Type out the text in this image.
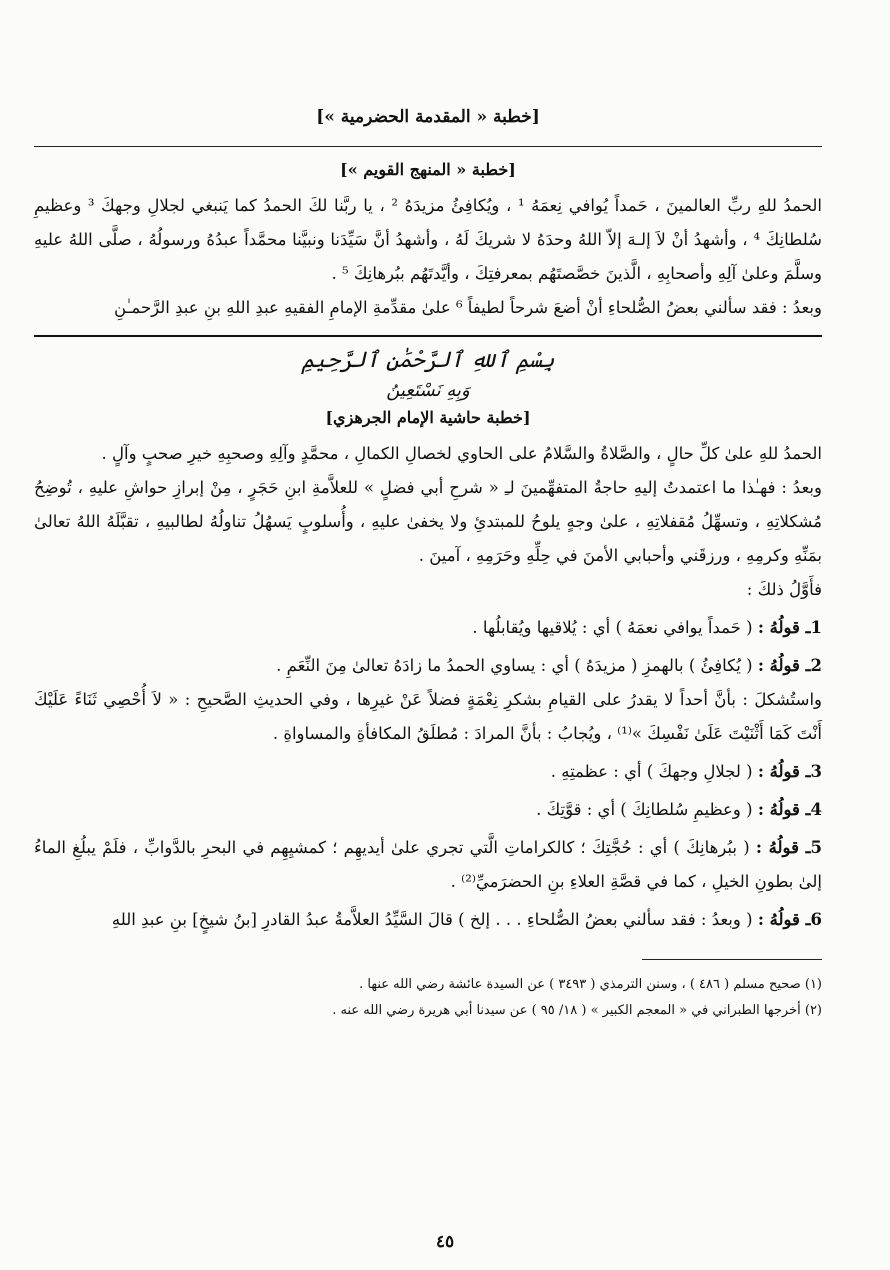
[خطبة « المقدمة الحضرمية »]
[خطبة « المنهج القويم »]

الحمدُ للهِ ربِّ العالمينَ ، حَمداً يُوافي نِعمَهُ ¹ ، ويُكافِئُ مزيدَهُ ² ، يا ربَّنا لكَ الحمدُ كما يَنبغي لجلالِ وجهكَ ³ وعظيمِ سُلطانِكَ ⁴ ، وأشهدُ أنْ لاَ إلـهَ إلاّ اللهُ وحدَهُ لا شريكَ لَهُ ، وأشهدُ أنَّ سَيِّدَنا ونبيَّنا محمَّداً عبدُهُ ورسولُهُ ، صلَّى اللهُ عليهِ وسلَّمَ وعلىٰ آلِهِ وأصحابِهِ ، الَّذينَ خصَّصتَهُم بمعرفتِكَ ، وأيَّدتَهُم ببُرهانِكَ ⁵ .

وبعدُ : فقد سألني بعضُ الصُّلحاءِ أنْ أضعَ شرحاً لطيفاً ⁶ علىٰ مقدِّمةِ الإمامِ الفقيهِ عبدِ اللهِ بنِ عبدِ الرَّحمـٰنِ

بِسْمِ ٱللهِ ٱلرَّحْمَٰنِ ٱلرَّحِيمِ
وَبِهِ نَسْتَعِينُ
[خطبة حاشية الإمام الجرهزي]

الحمدُ للهِ علىٰ كلِّ حالٍ ، والصَّلاةُ والسَّلامُ على الحاوي لخصالِ الكمالِ ، محمَّدٍ وآلِهِ وصحبِهِ خيرِ صحبٍ وآلٍ .

وبعدُ : فهـٰذا ما اعتمدتُ إليهِ حاجةُ المتفهِّمينَ لـِ « شرحِ أبي فضلٍ » للعلاَّمةِ ابنِ حَجَرٍ ، مِنْ إبرازِ حواشِ عليهِ ، تُوضِحُ مُشكلاتِهِ ، وتسهِّلُ مُقفلاتِهِ ، علىٰ وجهٍ يلوحُ للمبتدئِ ولا يخفىٰ عليهِ ، وأُسلوبٍ يَسهُلُ تناولُهُ لطالبيهِ ، تقبَّلَهُ اللهُ تعالىٰ بمَنِّهِ وكرمِهِ ، ورزقَني وأحبابي الأمنَ في حِلِّهِ وحَرَمِهِ ، آمينَ .

فأَوَّلُ ذلكَ :

1ـ قولُهُ : ( حَمداً يوافي نعمَهُ ) أي : يُلاقيها ويُقابلُها .

2ـ قولُهُ : ( يُكافِئُ ) بالهمزِ ( مزيدَهُ ) أي : يساوي الحمدُ ما زادَهُ تعالىٰ مِنَ النِّعَمِ .

واستُشكلَ : بأنَّ أحداً لا يقدرُ على القيامِ بشكرِ نِعْمَةٍ فضلاً عَنْ غيرِها ، وفي الحديثِ الصَّحيحِ : « لاَ أُحْصِي ثَنَاءً عَلَيْكَ أَنْتَ كَمَا أَثْنَيْتَ عَلَىٰ نَفْسِكَ »⁽¹⁾ ، ويُجابُ : بأنَّ المرادَ : مُطلَقُ المكافأةِ والمساواةِ .

3ـ قولُهُ : ( لجلالِ وجهكَ ) أي : عظمتِهِ .

4ـ قولُهُ : ( وعظيمِ سُلطانِكَ ) أي : قوَّتِكَ .

5ـ قولُهُ : ( ببُرهانِكَ ) أي : حُجَّتِكَ ؛ كالكراماتِ الَّتي تجري علىٰ أيديهِم ؛ كمشيِهِم في البحرِ بالدَّوابِّ ، فلَمْ يبلُغِ الماءُ إلىٰ بطونِ الخيلِ ، كما في قصَّةِ العلاءِ بنِ الحضرَميِّ⁽²⁾ .

6ـ قولُهُ : ( وبعدُ : فقد سألني بعضُ الصُّلحاءِ . . . إلخ ) قالَ السَّيِّدُ العلاَّمةُ عبدُ القادرِ [بنُ شيخٍ] بنِ عبدِ اللهِ

(١) صحيح مسلم ( ٤٨٦ ) ، وسنن الترمذي ( ٣٤٩٣ ) عن السيدة عائشة رضي الله عنها .

(٢) أخرجها الطبراني في « المعجم الكبير » ( ١٨/ ٩٥ ) عن سيدنا أبي هريرة رضي الله عنه .

٤٥
